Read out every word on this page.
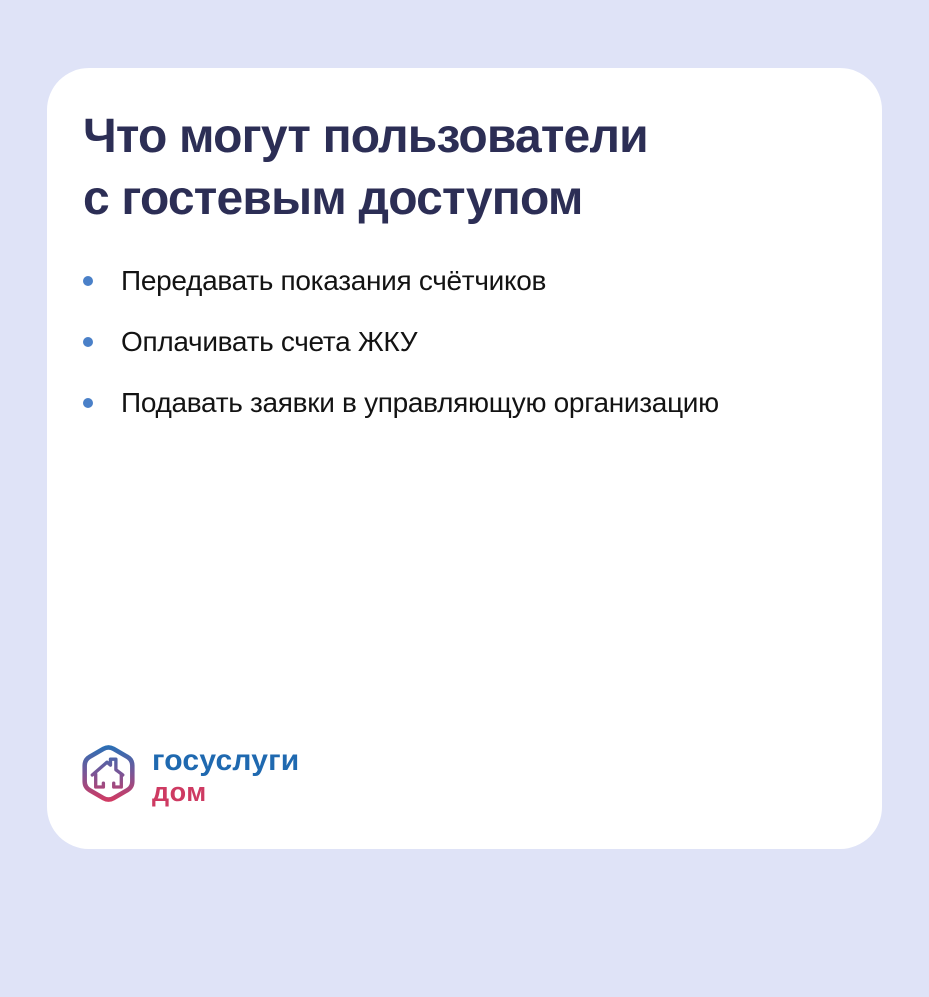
Что могут пользователи
с гостевым доступом
Передавать показания счётчиков
Оплачивать счета ЖКУ
Подавать заявки в управляющую организацию
госуслуги
дом
